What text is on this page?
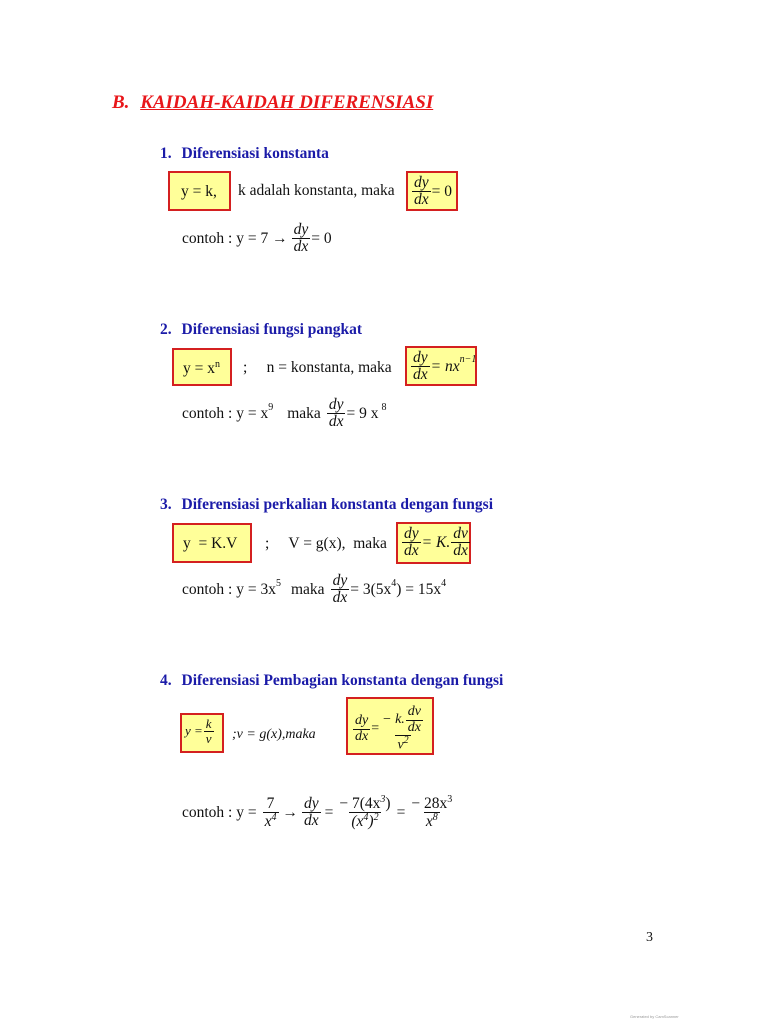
B. KAIDAH-KAIDAH DIFERENSIASI
1. Diferensiasi konstanta
y = k, k adalah konstanta, maka $\frac{dy}{dx} = 0$
contoh : $y = 7 \to \frac{dy}{dx} = 0$
2. Diferensiasi fungsi pangkat
$y = x^n$ ;     n = konstanta, maka $\frac{dy}{dx} = nx^{n-1}$
contoh : $y = x^9$ maka $\frac{dy}{dx} = 9$ x $^8$
3. Diferensiasi perkalian konstanta dengan fungsi
y  = K.V ;     V = g(x),  maka $\frac{dy}{dx} = K$. $\frac{dv}{dx}$
contoh : $y = 3x^5$ maka $\frac{dy}{dx} = 3(5x^4$ ) = $15x^4$
4. Diferensiasi Pembagian konstanta dengan fungsi
$y = \frac{k}{v}$ ;v = g(x),maka	$\frac{dy}{dx} = \frac{- k. \frac{dv}{dx}}{v^2}$
contoh : $y = \frac{7}{x^4} \to \frac{dy}{dx} = \frac{- 7(4x^3)}{(x^4)^2} = \frac{- 28x^3}{x^8}$
3
Generated by CamScanner
